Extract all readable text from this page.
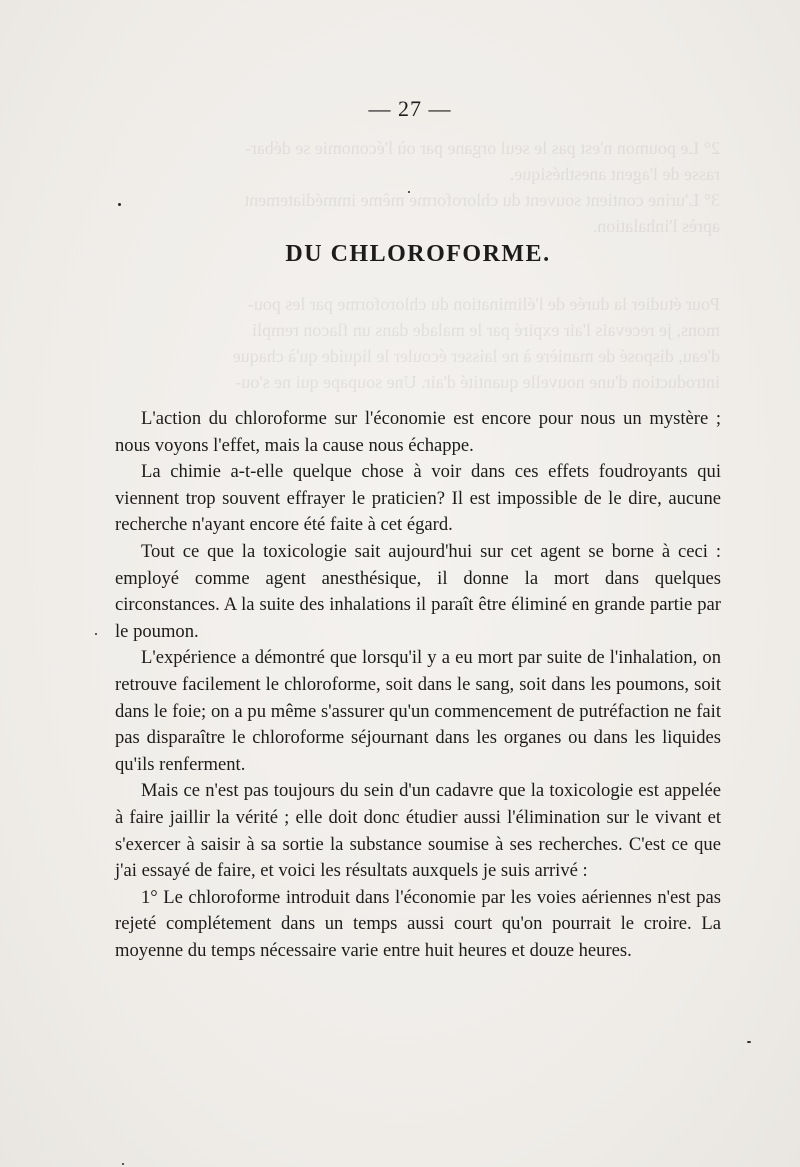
2° Le poumon n'est pas le seul organe par où l'économie se débar-
rasse de l'agent anesthésique.
3° L'urine contient souvent du chloroforme même immédiatement
après l'inhalation.

Pour étudier la durée de l'élimination du chloroforme par les pou-
mons, je recevais l'air expiré par le malade dans un flacon rempli
d'eau, disposé de manière à ne laisser écouler le liquide qu'à chaque
introduction d'une nouvelle quantité d'air. Une soupape qui ne s'ou-
— 27 —
DU CHLOROFORME.

L'action du chloroforme sur l'économie est encore pour nous un mystère ; nous voyons l'effet, mais la cause nous échappe.

La chimie a-t-elle quelque chose à voir dans ces effets foudroyants qui viennent trop souvent effrayer le praticien? Il est impossible de le dire, aucune recherche n'ayant encore été faite à cet égard.

Tout ce que la toxicologie sait aujourd'hui sur cet agent se borne à ceci : employé comme agent anesthésique, il donne la mort dans quelques circonstances. A la suite des inhalations il paraît être éliminé en grande partie par le poumon.

L'expérience a démontré que lorsqu'il y a eu mort par suite de l'inhalation, on retrouve facilement le chloroforme, soit dans le sang, soit dans les poumons, soit dans le foie; on a pu même s'assurer qu'un commencement de putréfaction ne fait pas disparaître le chloroforme séjournant dans les organes ou dans les liquides qu'ils renferment.

Mais ce n'est pas toujours du sein d'un cadavre que la toxicologie est appelée à faire jaillir la vérité ; elle doit donc étudier aussi l'élimination sur le vivant et s'exercer à saisir à sa sortie la substance soumise à ses recherches. C'est ce que j'ai essayé de faire, et voici les résultats auxquels je suis arrivé :

1° Le chloroforme introduit dans l'économie par les voies aériennes n'est pas rejeté complétement dans un temps aussi court qu'on pourrait le croire. La moyenne du temps nécessaire varie entre huit heures et douze heures.
